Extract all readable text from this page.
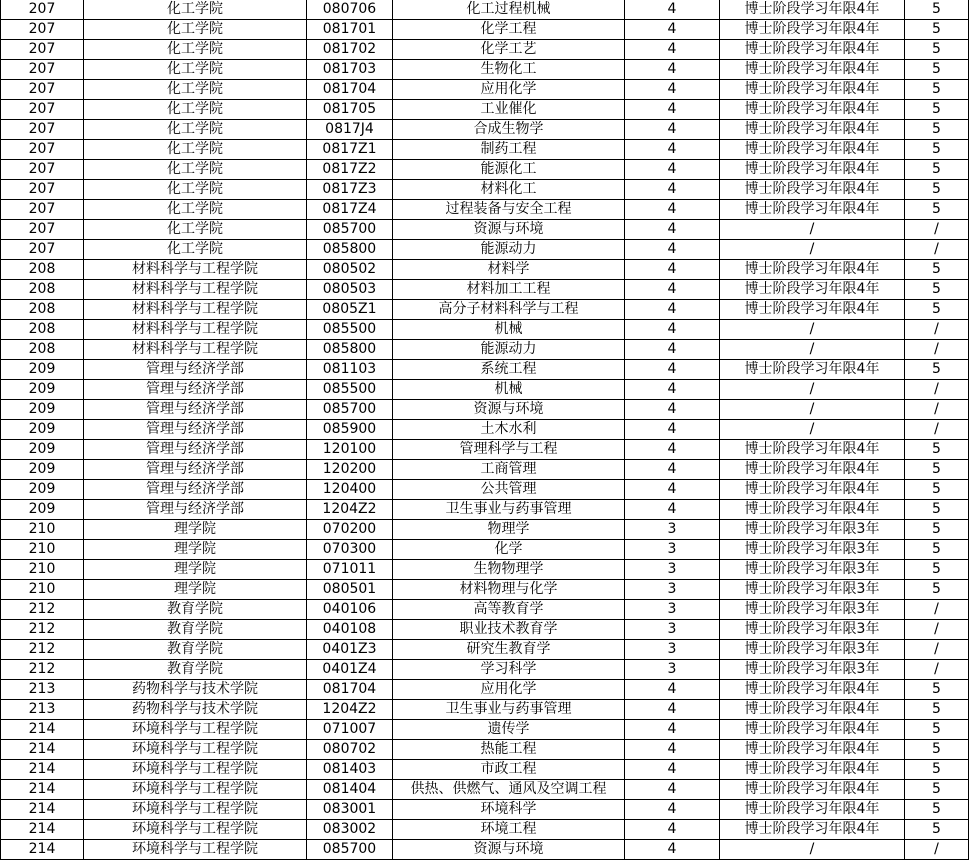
207	化工学院	080706	化工过程机械	4	博士阶段学习年限4年	5
207	化工学院	081701	化学工程	4	博士阶段学习年限4年	5
207	化工学院	081702	化学工艺	4	博士阶段学习年限4年	5
207	化工学院	081703	生物化工	4	博士阶段学习年限4年	5
207	化工学院	081704	应用化学	4	博士阶段学习年限4年	5
207	化工学院	081705	工业催化	4	博士阶段学习年限4年	5
207	化工学院	0817J4	合成生物学	4	博士阶段学习年限4年	5
207	化工学院	0817Z1	制药工程	4	博士阶段学习年限4年	5
207	化工学院	0817Z2	能源化工	4	博士阶段学习年限4年	5
207	化工学院	0817Z3	材料化工	4	博士阶段学习年限4年	5
207	化工学院	0817Z4	过程装备与安全工程	4	博士阶段学习年限4年	5
207	化工学院	085700	资源与环境	4	/	/
207	化工学院	085800	能源动力	4	/	/
208	材料科学与工程学院	080502	材料学	4	博士阶段学习年限4年	5
208	材料科学与工程学院	080503	材料加工工程	4	博士阶段学习年限4年	5
208	材料科学与工程学院	0805Z1	高分子材料科学与工程	4	博士阶段学习年限4年	5
208	材料科学与工程学院	085500	机械	4	/	/
208	材料科学与工程学院	085800	能源动力	4	/	/
209	管理与经济学部	081103	系统工程	4	博士阶段学习年限4年	5
209	管理与经济学部	085500	机械	4	/	/
209	管理与经济学部	085700	资源与环境	4	/	/
209	管理与经济学部	085900	土木水利	4	/	/
209	管理与经济学部	120100	管理科学与工程	4	博士阶段学习年限4年	5
209	管理与经济学部	120200	工商管理	4	博士阶段学习年限4年	5
209	管理与经济学部	120400	公共管理	4	博士阶段学习年限4年	5
209	管理与经济学部	1204Z2	卫生事业与药事管理	4	博士阶段学习年限4年	5
210	理学院	070200	物理学	3	博士阶段学习年限3年	5
210	理学院	070300	化学	3	博士阶段学习年限3年	5
210	理学院	071011	生物物理学	3	博士阶段学习年限3年	5
210	理学院	080501	材料物理与化学	3	博士阶段学习年限3年	5
212	教育学院	040106	高等教育学	3	博士阶段学习年限3年	/
212	教育学院	040108	职业技术教育学	3	博士阶段学习年限3年	/
212	教育学院	0401Z3	研究生教育学	3	博士阶段学习年限3年	/
212	教育学院	0401Z4	学习科学	3	博士阶段学习年限3年	/
213	药物科学与技术学院	081704	应用化学	4	博士阶段学习年限4年	5
213	药物科学与技术学院	1204Z2	卫生事业与药事管理	4	博士阶段学习年限4年	5
214	环境科学与工程学院	071007	遗传学	4	博士阶段学习年限4年	5
214	环境科学与工程学院	080702	热能工程	4	博士阶段学习年限4年	5
214	环境科学与工程学院	081403	市政工程	4	博士阶段学习年限4年	5
214	环境科学与工程学院	081404	供热、供燃气、通风及空调工程	4	博士阶段学习年限4年	5
214	环境科学与工程学院	083001	环境科学	4	博士阶段学习年限4年	5
214	环境科学与工程学院	083002	环境工程	4	博士阶段学习年限4年	5
214	环境科学与工程学院	085700	资源与环境	4	/	/
